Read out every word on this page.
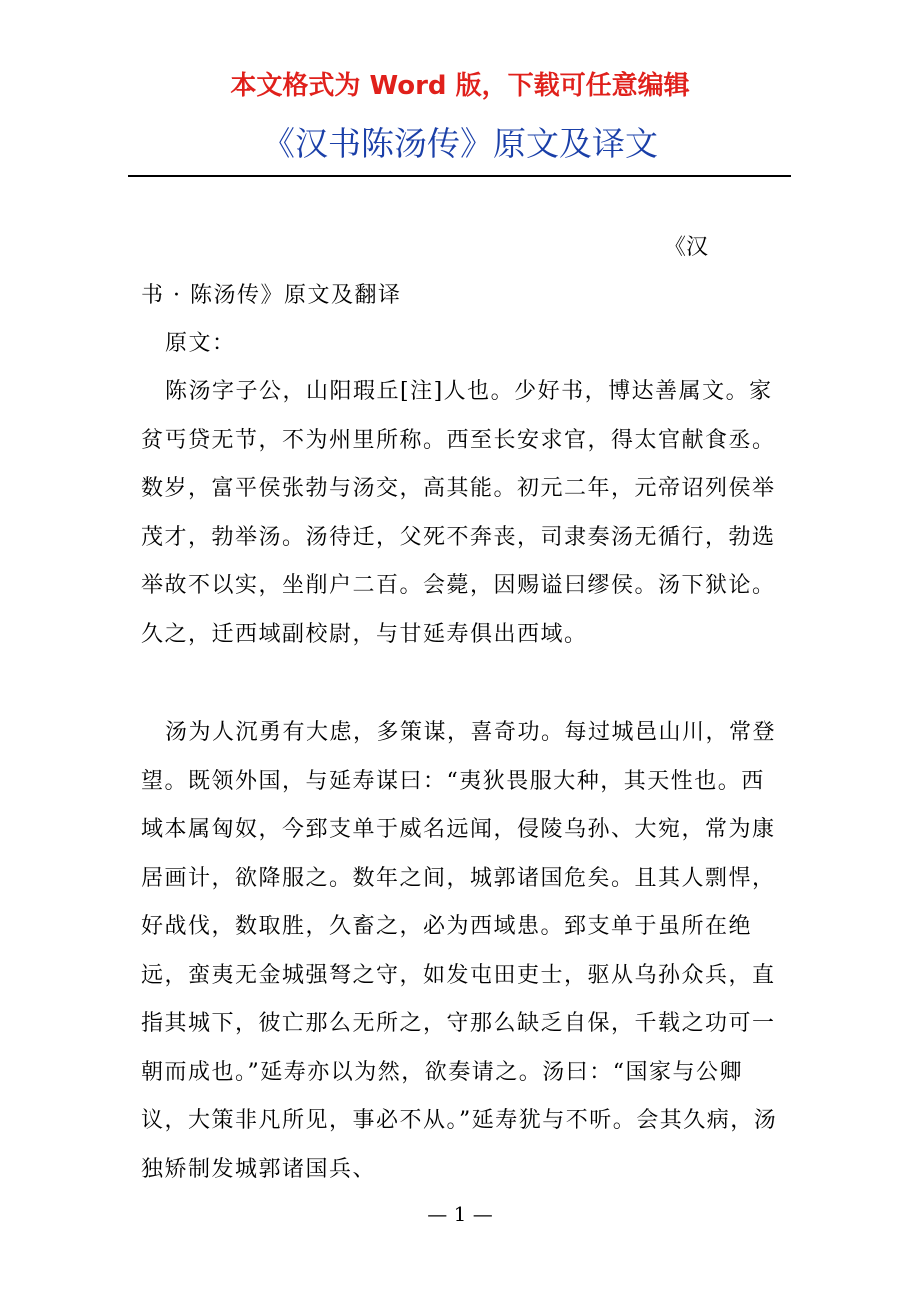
本文格式为 Word 版，下载可任意编辑

《汉书陈汤传》原文及译文

《汉

书 · 陈汤传》原文及翻译

原文：

陈汤字子公，山阳瑕丘[注]人也。少好书，博达善属文。家贫丐贷无节，不为州里所称。西至长安求官，得太官献食丞。数岁，富平侯张勃与汤交，高其能。初元二年，元帝诏列侯举茂才，勃举汤。汤待迁，父死不奔丧，司隶奏汤无循行，勃选举故不以实，坐削户二百。会薨，因赐谥曰缪侯。汤下狱论。久之，迁西域副校尉，与甘延寿俱出西域。

汤为人沉勇有大虑，多策谋，喜奇功。每过城邑山川，常登望。既领外国，与延寿谋曰：“夷狄畏服大种，其天性也。西域本属匈奴，今郅支单于威名远闻，侵陵乌孙、大宛，常为康居画计，欲降服之。数年之间，城郭诸国危矣。且其人剽悍，好战伐，数取胜，久畜之，必为西域患。郅支单于虽所在绝远，蛮夷无金城强弩之守，如发屯田吏士，驱从乌孙众兵，直指其城下，彼亡那么无所之，守那么缺乏自保，千载之功可一朝而成也。”延寿亦以为然，欲奏请之。汤曰：“国家与公卿议，大策非凡所见，事必不从。”延寿犹与不听。会其久病，汤独矫制发城郭诸国兵、

— 1 —
